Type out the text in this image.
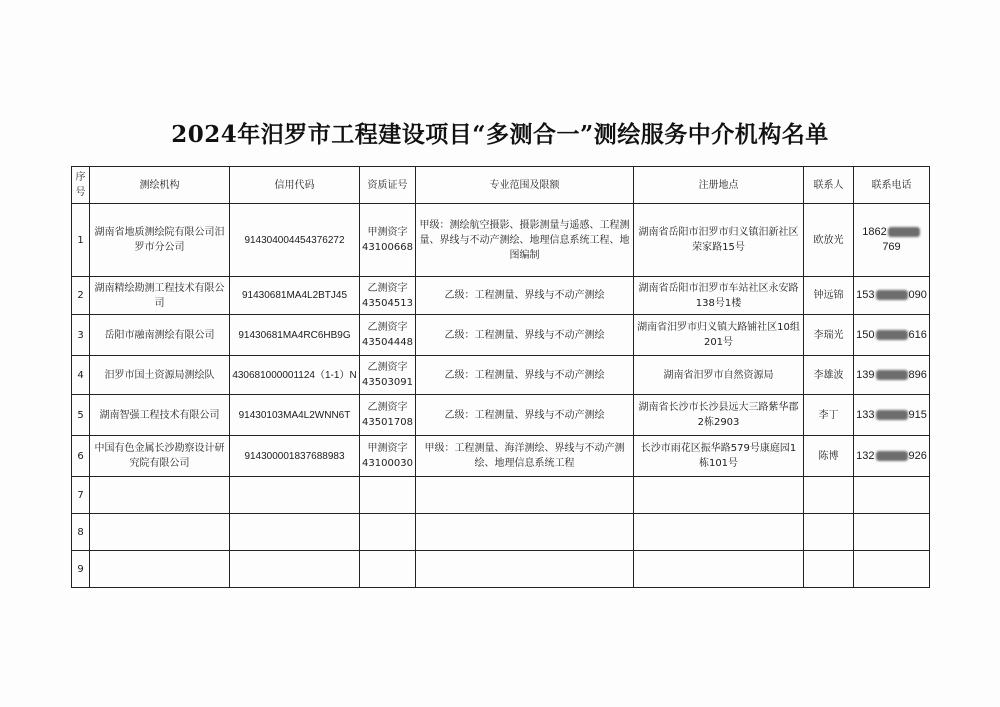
2024年汨罗市工程建设项目“多测合一”测绘服务中介机构名单
序号	测绘机构	信用代码	资质证号	专业范围及限额	注册地点	联系人	联系电话
1	湖南省地质测绘院有限公司汨罗市分公司	914304004454376272	甲测资字43100668	甲级：测绘航空摄影、摄影测量与遥感、工程测量、界线与不动产测绘、地理信息系统工程、地图编制	湖南省岳阳市汨罗市归义镇汨新社区荣家路15号	欧放光	1862769
2	湖南精绘勘测工程技术有限公司	91430681MA4L2BTJ45	乙测资字43504513	乙级：工程测量、界线与不动产测绘	湖南省岳阳市汨罗市车站社区永安路138号1楼	钟远锦	153 090
3	岳阳市融南测绘有限公司	91430681MA4RC6HB9G	乙测资字43504448	乙级：工程测量、界线与不动产测绘	湖南省汨罗市归义镇大路铺社区10组201号	李瑞光	150 616
4	汨罗市国土资源局测绘队	430681000001124（1-1）N	乙测资字43503091	乙级：工程测量、界线与不动产测绘	湖南省汨罗市自然资源局	李雄波	139 896
5	湖南智强工程技术有限公司	91430103MA4L2WNN6T	乙测资字43501708	乙级：工程测量、界线与不动产测绘	湖南省长沙市长沙县远大三路紫华郡2栋2903	李丁	133 915
6	中国有色金属长沙勘察设计研究院有限公司	914300001837688983	甲测资字43100030	甲级：工程测量、海洋测绘、界线与不动产测绘、地理信息系统工程	长沙市雨花区振华路579号康庭园1栋101号	陈博	132 926
7							
8							
9							
